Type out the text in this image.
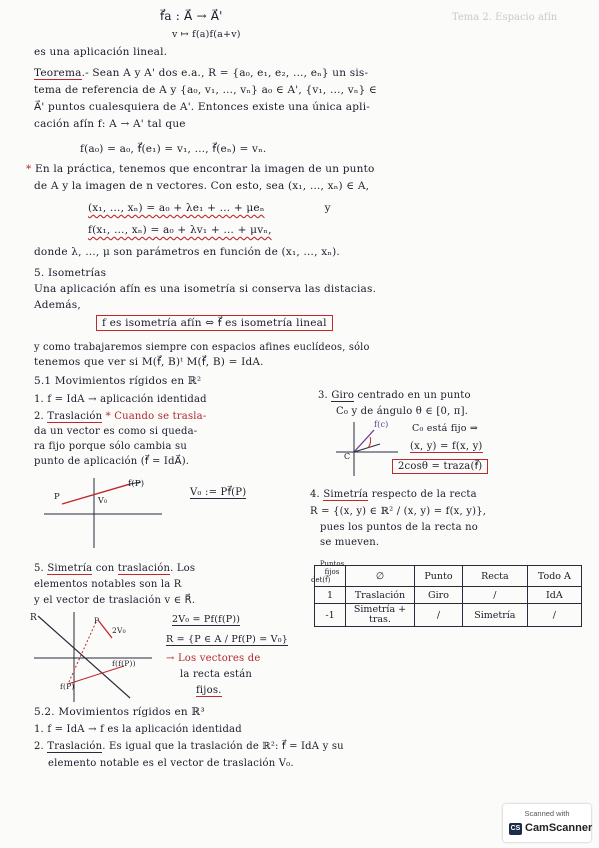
Tema 2. Espacio afín
f⃗a : A⃗ → A⃗'
v ↦ f(a)f(a+v)
es una aplicación lineal.
Teorema.- Sean A y A' dos e.a., R = {a₀, e₁, e₂, …, eₙ} un sis-
tema de referencia de A y {a₀, v₁, …, vₙ} a₀ ∈ A', {v₁, …, vₙ} ∈
A⃗' puntos cualesquiera de A'. Entonces existe una única apli-
cación afín f: A → A' tal que
f(a₀) = a₀, f⃗(e₁) = v₁, …, f⃗(eₙ) = vₙ.
* En la práctica, tenemos que encontrar la imagen de un punto
de A y la imagen de n vectores. Con esto, sea (x₁, …, xₙ) ∈ A,
(x₁, …, xₙ) = a₀ + λe₁ + … + μeₙ	y
f(x₁, …, xₙ) = a₀ + λv₁ + … + μvₙ,
donde λ, …, μ son parámetros en función de (x₁, …, xₙ).
5. Isometrías
Una aplicación afín es una isometría si conserva las distacias.
Además,
f es isometría afín ⇔ f⃗ es isometría lineal
y como trabajaremos siempre con espacios afines euclídeos, sólo
tenemos que ver si M(f⃗, B)ᵗ M(f⃗, B) = IdA.
5.1 Movimientos rígidos en ℝ²
1. f = IdA → aplicación identidad
2. Traslación * Cuando se trasla-
da un vector es como si queda-
ra fijo porque sólo cambia su
punto de aplicación (f⃗ = IdA⃗).
3. Giro centrado en un punto
C₀ y de ángulo θ ∈ [0, π].
C₀ está fijo ⇒
(x, y) = f(x, y)
2cosθ = traza(f⃗)
C
f(c)
P
f(P)
V₀
V₀ := Pf⃗(P)	4. Simetría respecto de la recta
R = {(x, y) ∈ ℝ² / (x, y) = f(x, y)},
pues los puntos de la recta no
se mueven.
Puntos fijos
det(f⃗)	∅	Punto	Recta	Todo A
1	Traslación	Giro	/	IdA
-1	Simetría + tras.	/	Simetría	/
5. Simetría con traslación. Los
elementos notables son la R
y el vector de traslación v ∈ R⃗.
R	P
2V₀
f(f(P))
f(P)
2V₀ = Pf(f(P))
R = {P ∈ A / Pf(P) = V₀}
→ Los vectores de
la recta están
fijos.
5.2. Movimientos rígidos en ℝ³
1. f = IdA → f es la aplicación identidad
2. Traslación. Es igual que la traslación de ℝ²: f⃗ = IdA y su
elemento notable es el vector de traslación V₀.
Scanned with
CS CamScanner
